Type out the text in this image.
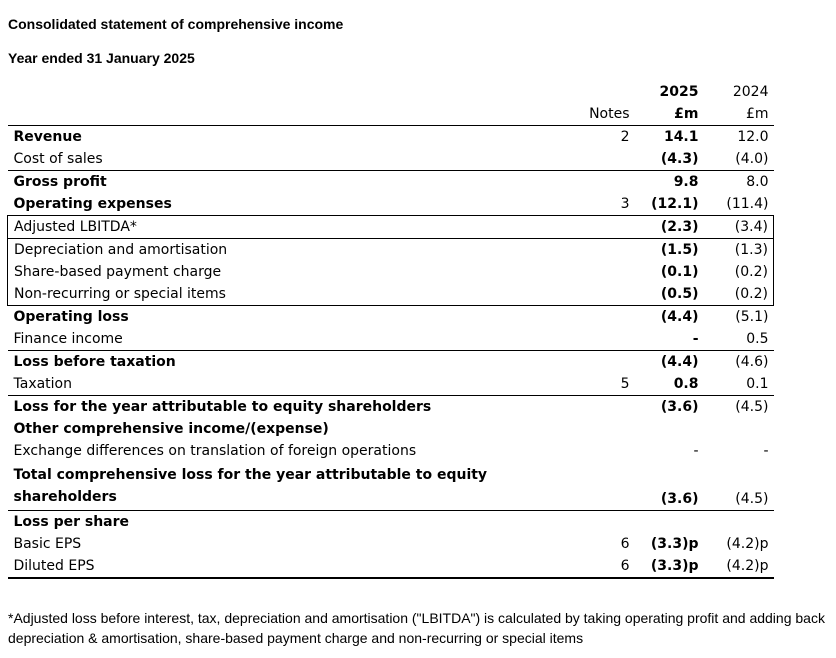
Consolidated statement of comprehensive income
Year ended 31 January 2025
		2025	2024
	Notes	£m	£m
Revenue	2	14.1	12.0
Cost of sales		(4.3)	(4.0)
Gross profit		9.8	8.0
Operating expenses	3	(12.1)	(11.4)
Adjusted LBITDA*		(2.3)	(3.4)
Depreciation and amortisation		(1.5)	(1.3)
Share-based payment charge		(0.1)	(0.2)
Non-recurring or special items		(0.5)	(0.2)
Operating loss		(4.4)	(5.1)
Finance income		-	0.5
Loss before taxation		(4.4)	(4.6)
Taxation	5	0.8	0.1
Loss for the year attributable to equity shareholders		(3.6)	(4.5)
Other comprehensive income/(expense)			
Exchange differences on translation of foreign operations		-	-
Total comprehensive loss for the year attributable to equity shareholders		(3.6)	(4.5)
Loss per share			
Basic EPS	6	(3.3)p	(4.2)p
Diluted EPS	6	(3.3)p	(4.2)p
*Adjusted loss before interest, tax, depreciation and amortisation ("LBITDA") is calculated by taking operating profit and adding back depreciation & amortisation, share-based payment charge and non-recurring or special items
